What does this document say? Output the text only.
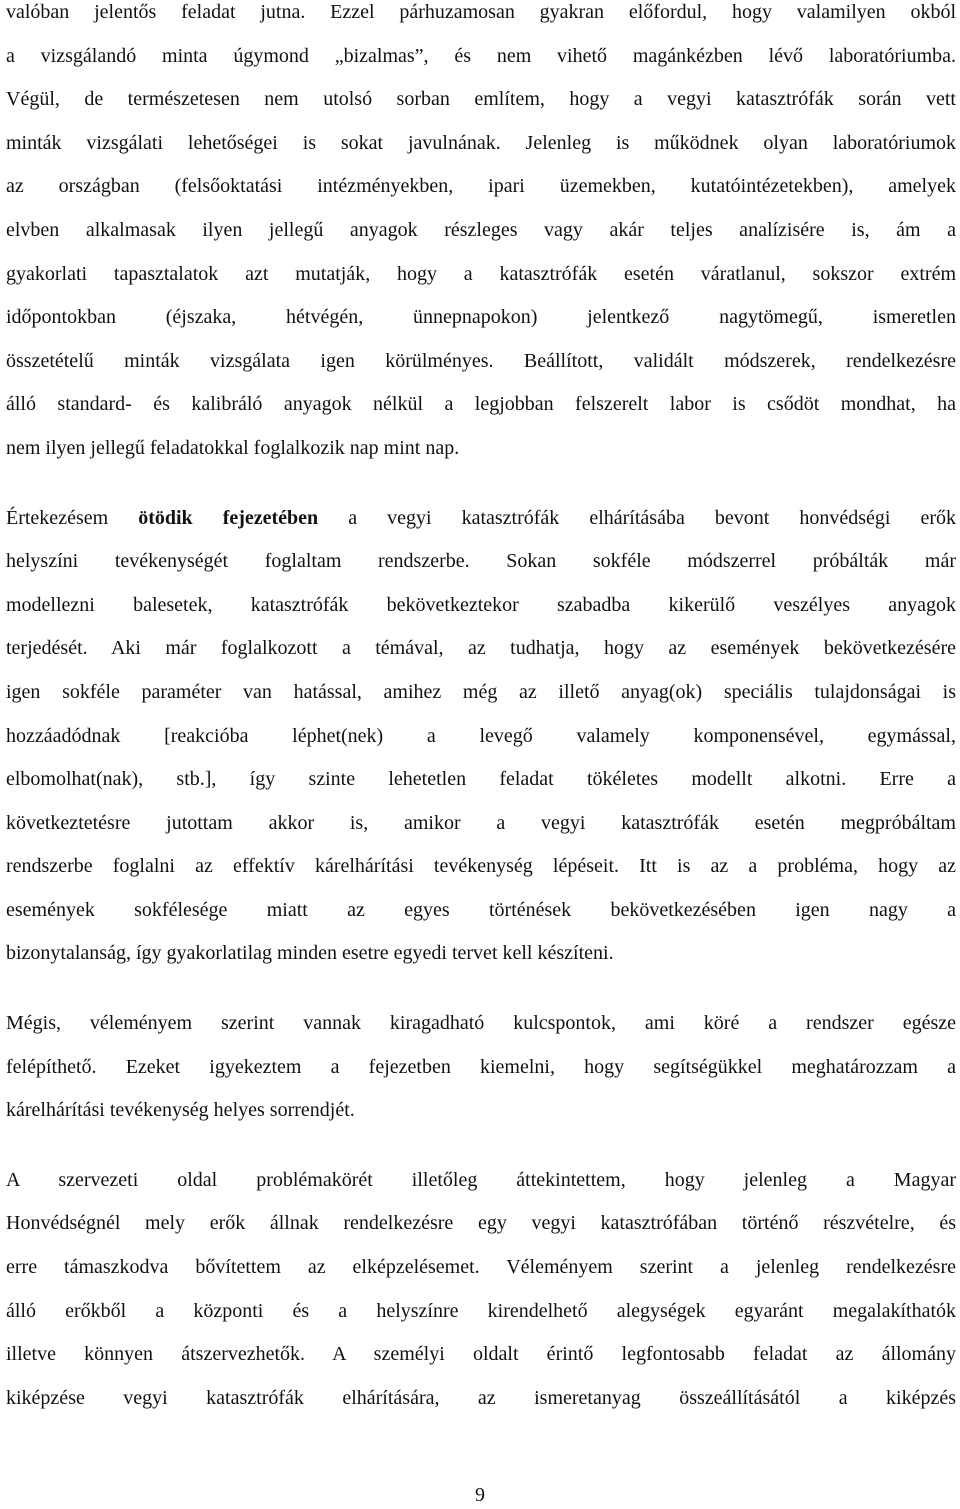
valóban jelentős feladat jutna. Ezzel párhuzamosan gyakran előfordul, hogy valamilyen okból
a vizsgálandó minta úgymond „bizalmas”, és nem vihető magánkézben lévő laboratóriumba.
Végül, de természetesen nem utolsó sorban említem, hogy a vegyi katasztrófák során vett
minták vizsgálati lehetőségei is sokat javulnának. Jelenleg is működnek olyan laboratóriumok
az országban (felsőoktatási intézményekben, ipari üzemekben, kutatóintézetekben), amelyek
elvben alkalmasak ilyen jellegű anyagok részleges vagy akár teljes analízisére is, ám a
gyakorlati tapasztalatok azt mutatják, hogy a katasztrófák esetén váratlanul, sokszor extrém
időpontokban (éjszaka, hétvégén, ünnepnapokon) jelentkező nagytömegű, ismeretlen
összetételű minták vizsgálata igen körülményes. Beállított, validált módszerek, rendelkezésre
álló standard- és kalibráló anyagok nélkül a legjobban felszerelt labor is csődöt mondhat, ha
nem ilyen jellegű feladatokkal foglalkozik nap mint nap.
Értekezésem ötödik fejezetében a vegyi katasztrófák elhárításába bevont honvédségi erők
helyszíni tevékenységét foglaltam rendszerbe. Sokan sokféle módszerrel próbálták már
modellezni balesetek, katasztrófák bekövetkeztekor szabadba kikerülő veszélyes anyagok
terjedését. Aki már foglalkozott a témával, az tudhatja, hogy az események bekövetkezésére
igen sokféle paraméter van hatással, amihez még az illető anyag(ok) speciális tulajdonságai is
hozzáadódnak [reakcióba léphet(nek) a levegő valamely komponensével, egymással,
elbomolhat(nak), stb.], így szinte lehetetlen feladat tökéletes modellt alkotni. Erre a
következtetésre jutottam akkor is, amikor a vegyi katasztrófák esetén megpróbáltam
rendszerbe foglalni az effektív kárelhárítási tevékenység lépéseit. Itt is az a probléma, hogy az
események sokfélesége miatt az egyes történések bekövetkezésében igen nagy a
bizonytalanság, így gyakorlatilag minden esetre egyedi tervet kell készíteni.
Mégis, véleményem szerint vannak kiragadható kulcspontok, ami köré a rendszer egésze
felépíthető. Ezeket igyekeztem a fejezetben kiemelni, hogy segítségükkel meghatározzam a
kárelhárítási tevékenység helyes sorrendjét.
A szervezeti oldal problémakörét illetőleg áttekintettem, hogy jelenleg a Magyar
Honvédségnél mely erők állnak rendelkezésre egy vegyi katasztrófában történő részvételre, és
erre támaszkodva bővítettem az elképzelésemet. Véleményem szerint a jelenleg rendelkezésre
álló erőkből a központi és a helyszínre kirendelhető alegységek egyaránt megalakíthatók
illetve könnyen átszervezhetők. A személyi oldalt érintő legfontosabb feladat az állomány
kiképzése vegyi katasztrófák elhárítására, az ismeretanyag összeállításától a kiképzés
9
